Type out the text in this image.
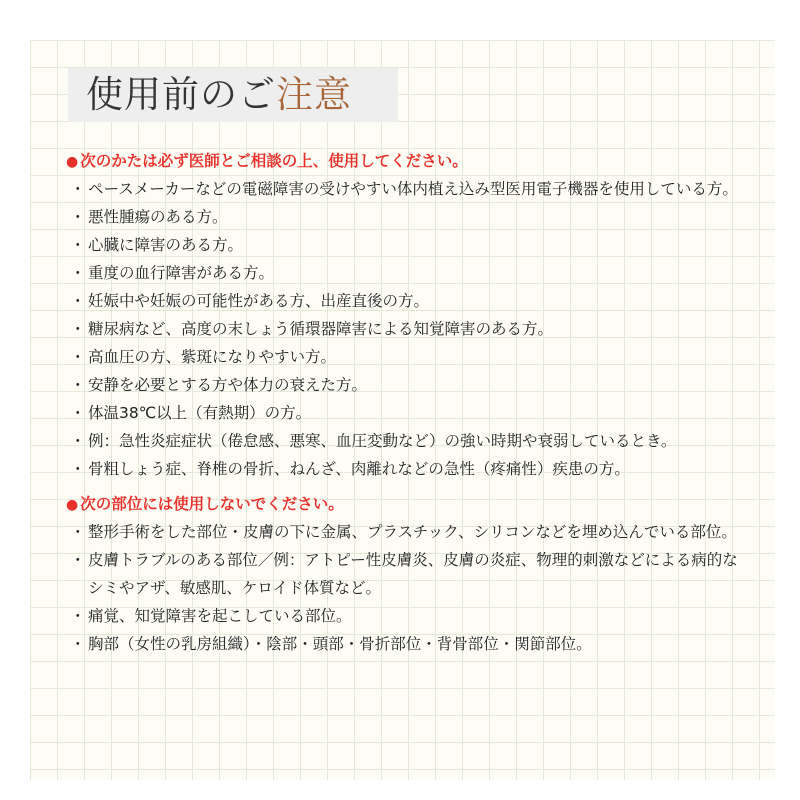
使用前のご注意
● 次のかたは必ず医師とご相談の上、使用してください。
・ ペースメーカーなどの電磁障害の受けやすい体内植え込み型医用電子機器を使用している方。
・ 悪性腫瘍のある方。
・ 心臓に障害のある方。
・ 重度の血行障害がある方。
・ 妊娠中や妊娠の可能性がある方、出産直後の方。
・ 糖尿病など、高度の末しょう循環器障害による知覚障害のある方。
・ 高血圧の方、紫斑になりやすい方。
・ 安静を必要とする方や体力の衰えた方。
・ 体温38℃以上（有熱期）の方。
・ 例：急性炎症症状（倦怠感、悪寒、血圧変動など）の強い時期や衰弱しているとき。
・ 骨粗しょう症、脊椎の骨折、ねんざ、肉離れなどの急性（疼痛性）疾患の方。
● 次の部位には使用しないでください。
・ 整形手術をした部位・皮膚の下に金属、プラスチック、シリコンなどを埋め込んでいる部位。
・ 皮膚トラブルのある部位／例：アトピー性皮膚炎、皮膚の炎症、物理的刺激などによる病的なシミやアザ、敏感肌、ケロイド体質など。
・ 痛覚、知覚障害を起こしている部位。
・ 胸部（女性の乳房組織）・陰部・頭部・骨折部位・背骨部位・関節部位。
